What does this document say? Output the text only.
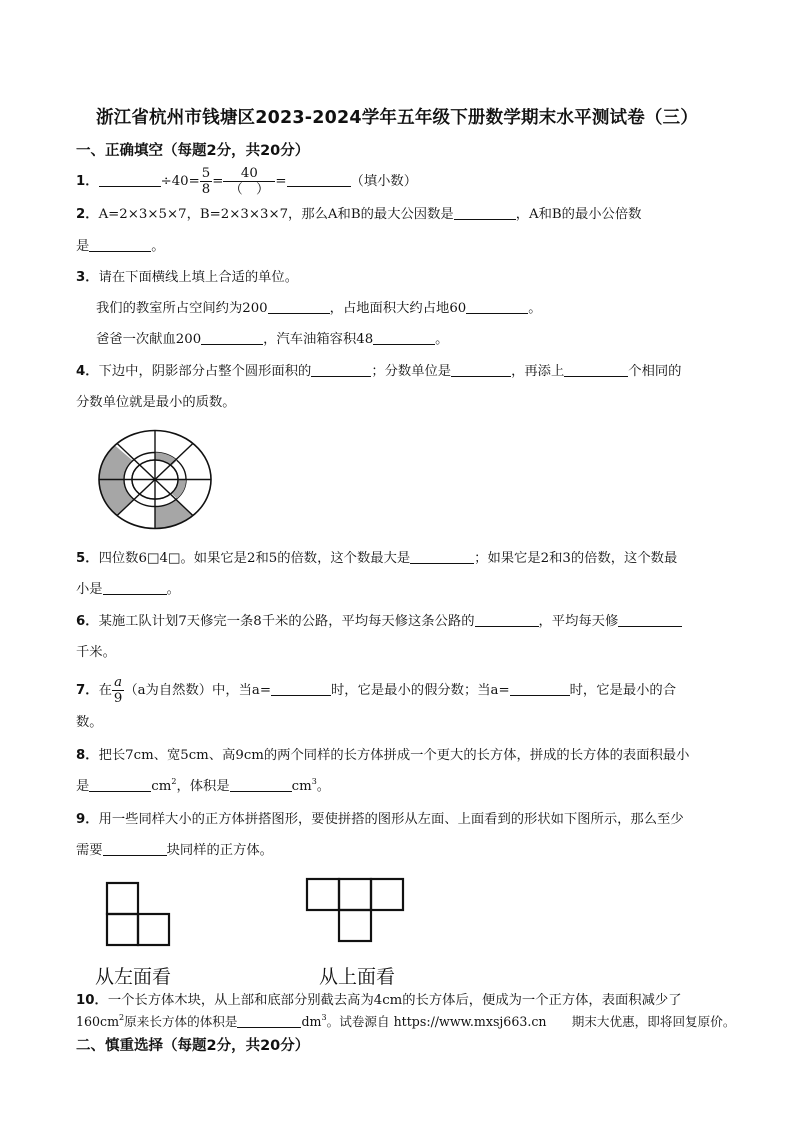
浙江省杭州市钱塘区2023-2024学年五年级下册数学期末水平测试卷（三）
一、正确填空（每题2分，共20分）
1．	$\div 40= \frac{5}{8} = \frac{40}{( )}$ =	（填小数）
2．A=2×3×5×7，B=2×3×3×7，那么A和B的最大公因数是	，A和B的最小公倍数
是	。
3．请在下面横线上填上合适的单位。
我们的教室所占空间约为200	，占地面积大约占地60	。
爸爸一次献血200	，汽车油箱容积48	。
4．下边中，阴影部分占整个圆形面积的	；分数单位是	，再添上	个相同的
分数单位就是最小的质数。
5．四位数6□4□。如果它是2和5的倍数，这个数最大是	；如果它是2和3的倍数，这个数最
小是	。
6．某施工队计划7天修完一条8千米的公路，平均每天修这条公路的	，平均每天修
千米。
7．在 $\frac{a}{9} (a$为自然数）中，当a=	时，它是最小的假分数；当a=	时，它是最小的合
数。
8．把长7cm、宽5cm、高9cm的两个同样的长方体拼成一个更大的长方体，拼成的长方体的表面积最小
是	$cm^2$，体积是	$cm^3$。
9．用一些同样大小的正方体拼搭图形，要使拼搭的图形从左面、上面看到的形状如下图所示，那么至少
需要	块同样的正方体。
从左面看	从上面看
10．一个长方体木块，从上部和底部分别截去高为4cm的长方体后，便成为一个正方体，表面积减少了
$160cm^2$原来长方体的体积是	$dm^3$。试卷源自 https://www.mxsj663.cn　　期末大优惠，即将回复原价。
二、慎重选择（每题2分，共20分）
